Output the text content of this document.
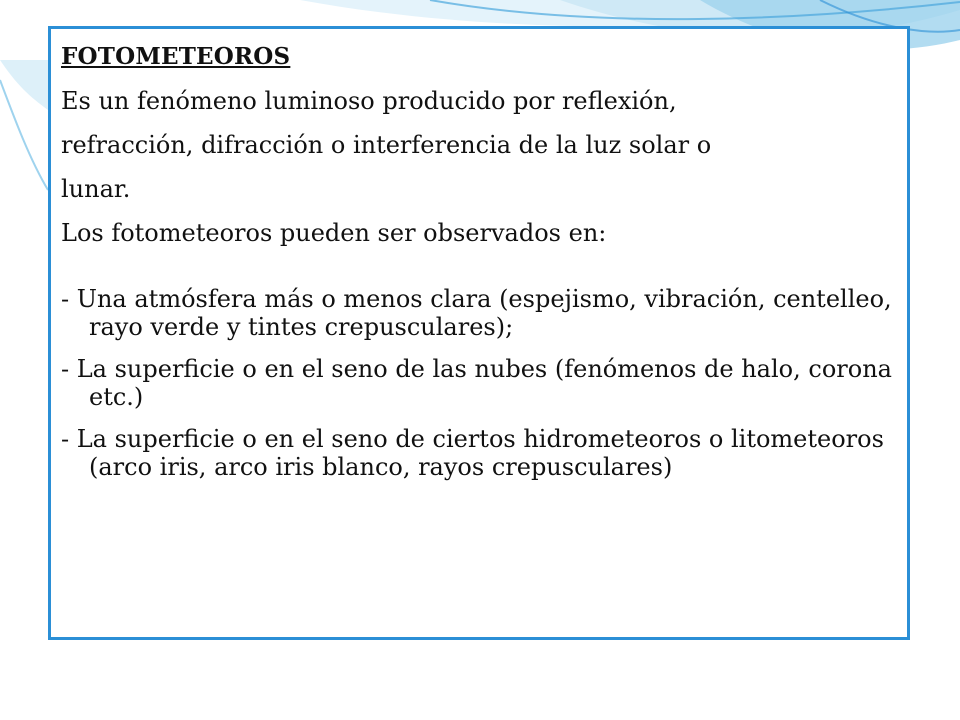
FOTOMETEOROS
Es un fenómeno luminoso producido por reflexión,
refracción, difracción o interferencia de la luz solar o
lunar.
Los fotometeoros pueden ser observados en:
- Una atmósfera más o menos clara (espejismo, vibración, centelleo, rayo verde y tintes crepusculares);
- La superficie o en el seno de las nubes (fenómenos de halo, corona etc.)
- La superficie o en el seno de ciertos hidrometeoros o litometeoros (arco iris, arco iris blanco, rayos crepusculares)
